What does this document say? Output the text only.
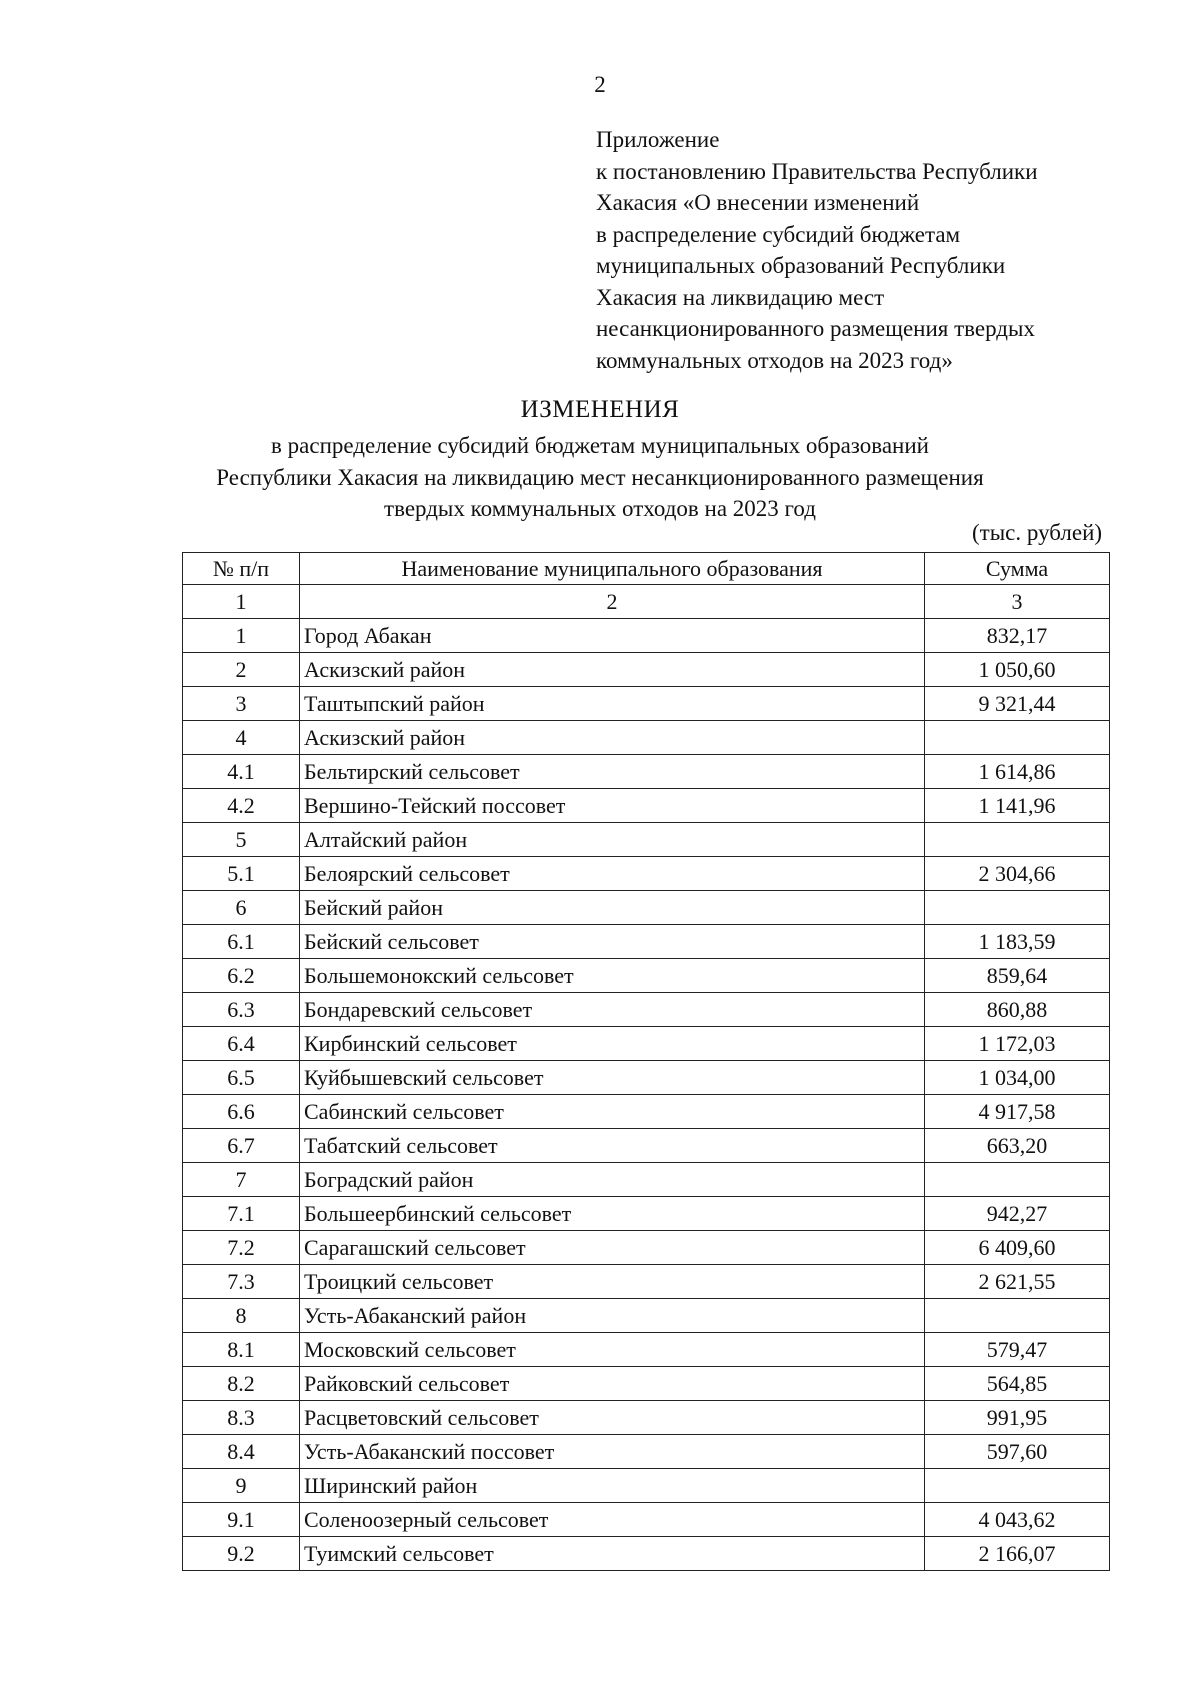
2
Приложение
к постановлению Правительства Республики
Хакасия «О внесении изменений
в распределение субсидий бюджетам
муниципальных образований Республики
Хакасия на ликвидацию мест
несанкционированного размещения твердых
коммунальных отходов на 2023 год»
ИЗМЕНЕНИЯ
в распределение субсидий бюджетам муниципальных образований
Республики Хакасия на ликвидацию мест несанкционированного размещения
твердых коммунальных отходов на 2023 год
(тыс. рублей)
№ п/п	Наименование муниципального образования	Сумма
1	2	3
1	Город Абакан	832,17
2	Аскизский район	1 050,60
3	Таштыпский район	9 321,44
4	Аскизский район	
4.1	Бельтирский сельсовет	1 614,86
4.2	Вершино-Тейский поссовет	1 141,96
5	Алтайский район	
5.1	Белоярский сельсовет	2 304,66
6	Бейский район	
6.1	Бейский сельсовет	1 183,59
6.2	Большемонокский сельсовет	859,64
6.3	Бондаревский сельсовет	860,88
6.4	Кирбинский сельсовет	1 172,03
6.5	Куйбышевский сельсовет	1 034,00
6.6	Сабинский сельсовет	4 917,58
6.7	Табатский сельсовет	663,20
7	Боградский район	
7.1	Большеербинский сельсовет	942,27
7.2	Сарагашский сельсовет	6 409,60
7.3	Троицкий сельсовет	2 621,55
8	Усть-Абаканский район	
8.1	Московский сельсовет	579,47
8.2	Райковский сельсовет	564,85
8.3	Расцветовский сельсовет	991,95
8.4	Усть-Абаканский поссовет	597,60
9	Ширинский район	
9.1	Соленоозерный сельсовет	4 043,62
9.2	Туимский сельсовет	2 166,07
